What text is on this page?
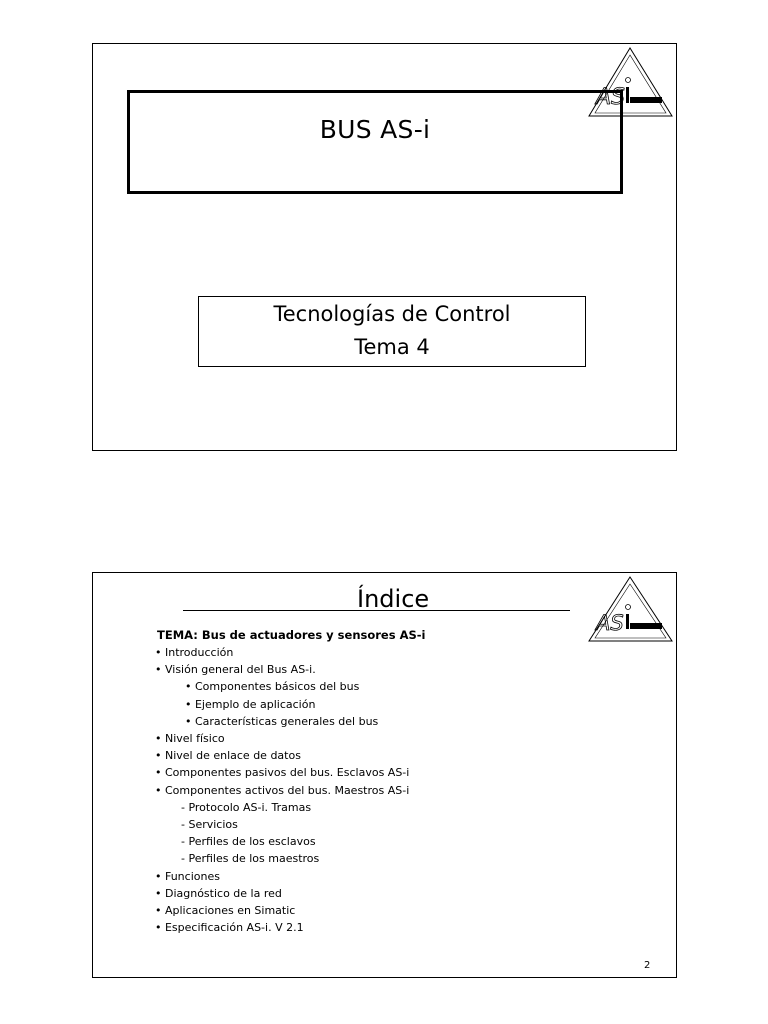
BUS AS-i
Tecnologías de Control
Tema 4
AS
Índice
TEMA: Bus de actuadores y sensores AS-i
• Introducción
• Visión general del Bus AS-i.
• Componentes básicos del bus
• Ejemplo de aplicación
• Características generales del bus
• Nivel físico
• Nivel de enlace de datos
• Componentes pasivos del bus. Esclavos AS-i
• Componentes activos del bus. Maestros AS-i
- Protocolo AS-i. Tramas
- Servicios
- Perfiles de los esclavos
- Perfiles de los maestros
• Funciones
• Diagnóstico de la red
• Aplicaciones en Simatic
• Especificación AS-i. V 2.1
2
AS
